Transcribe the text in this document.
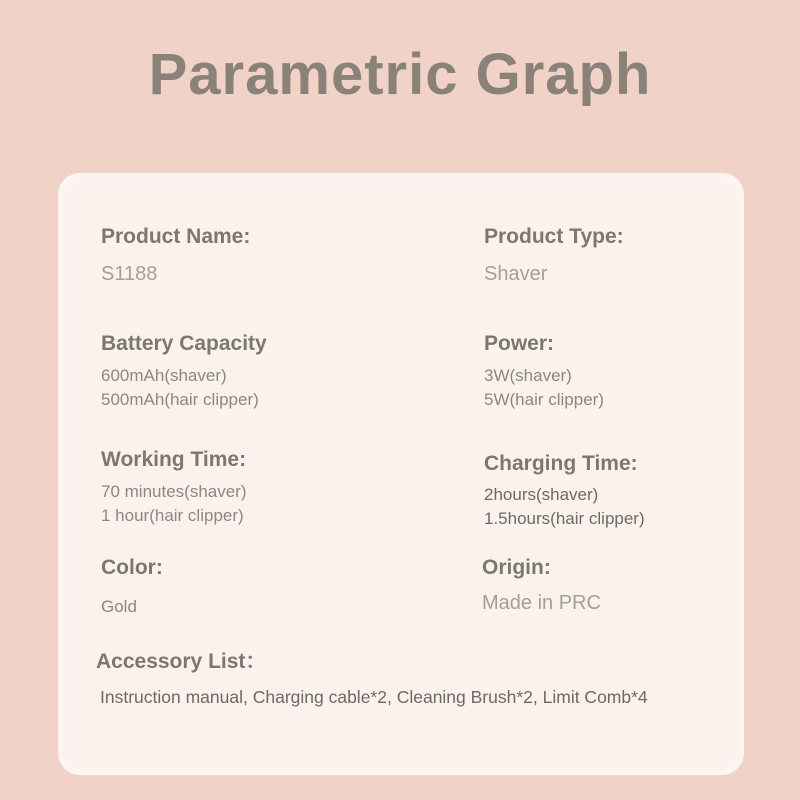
Parametric Graph
Product Name:
S1188
Product Type:
Shaver
Battery Capacity
600mAh(shaver)
500mAh(hair clipper)
Power:
3W(shaver)
5W(hair clipper)
Working Time:
70 minutes(shaver)
1 hour(hair clipper)
Charging Time:
2hours(shaver)
1.5hours(hair clipper)
Color:
Gold
Origin:
Made in PRC
Accessory List：
Instruction manual, Charging cable*2, Cleaning Brush*2, Limit Comb*4
